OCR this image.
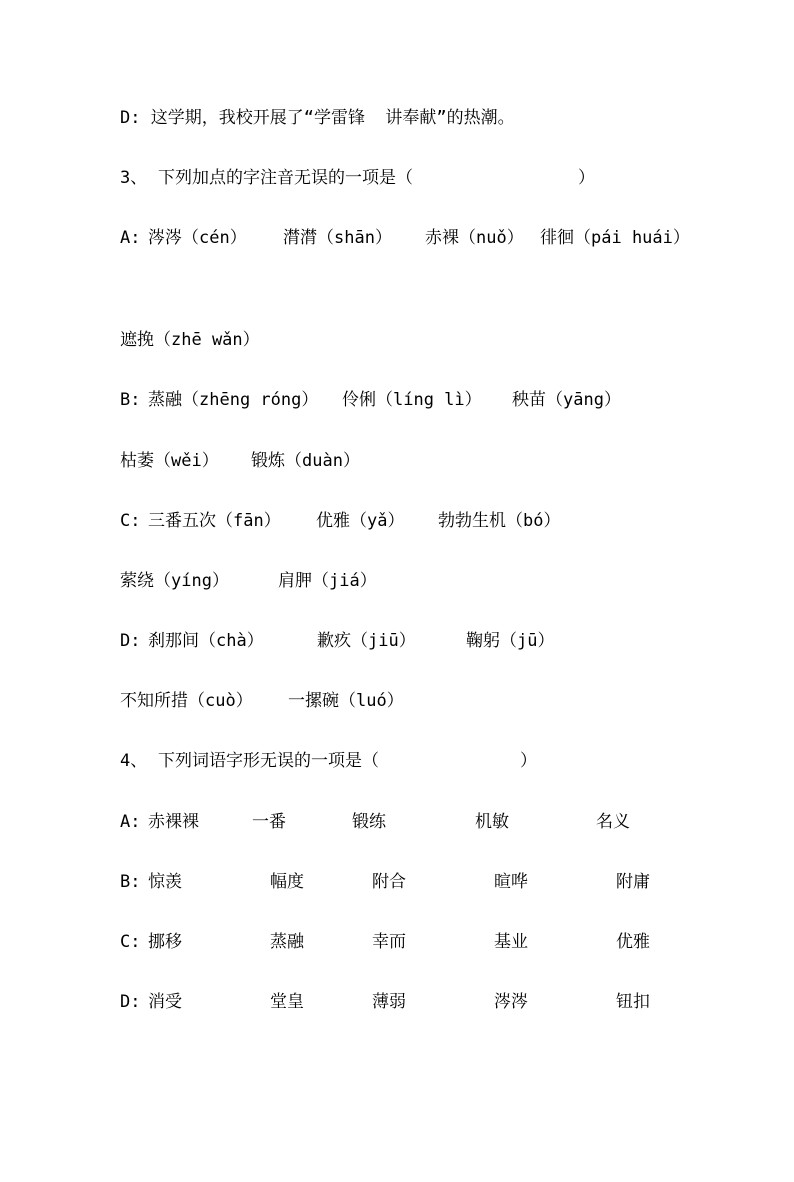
D: 这学期，我校开展了“学雷锋  讲奉献”的热潮。

3、

下列加点的字注音无误的一项是（

	）

A:

涔涔（cén）

潸潸（shān）

赤裸（nuǒ）

徘徊（pái huái）

遮挽（zhē wǎn）

B:

蒸融（zhēng róng）

伶俐（líng lì）

秧苗（yāng）

枯萎（wěi）

锻炼（duàn）

C:

三番五次（fān）

优雅（yǎ）

勃勃生机（bó）

萦绕（yíng）

	肩胛（jiá）

D:

刹那间（chà）

	歉疚（jiū）

	鞠躬（jū）

不知所措（cuò）

一摞碗（luó）

4、

下列词语字形无误的一项是（

	）

A:

赤裸裸

	一番

	锻练

	机敏

	名义

B:

惊羡

	幅度

	附合

	暄哗

	附庸

C:

挪移

	蒸融

	幸而

	基业

	优雅

D:

消受

	堂皇

	薄弱

	涔涔

	钮扣
